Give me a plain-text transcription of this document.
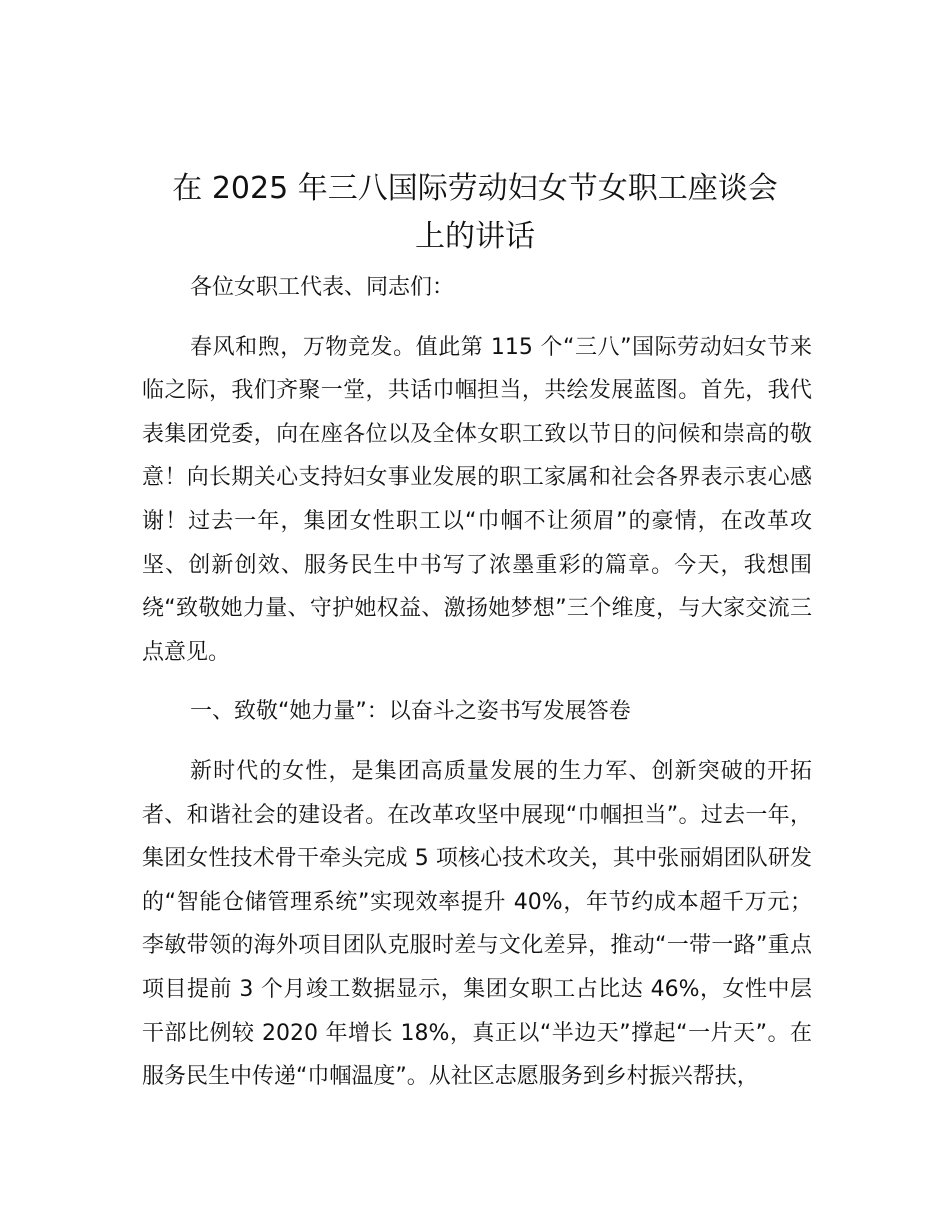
在 2025 年三八国际劳动妇女节女职工座谈会
上的讲话

各位女职工代表、同志们：

春风和煦，万物竞发。值此第 115 个“三八”国际劳动妇女节来临之际，我们齐聚一堂，共话巾帼担当，共绘发展蓝图。首先，我代表集团党委，向在座各位以及全体女职工致以节日的问候和崇高的敬意！向长期关心支持妇女事业发展的职工家属和社会各界表示衷心感谢！过去一年，集团女性职工以“巾帼不让须眉”的豪情，在改革攻坚、创新创效、服务民生中书写了浓墨重彩的篇章。今天，我想围绕“致敬她力量、守护她权益、激扬她梦想”三个维度，与大家交流三点意见。

一、致敬“她力量”：以奋斗之姿书写发展答卷

新时代的女性，是集团高质量发展的生力军、创新突破的开拓者、和谐社会的建设者。在改革攻坚中展现“巾帼担当”。过去一年，集团女性技术骨干牵头完成 5 项核心技术攻关，其中张丽娟团队研发的“智能仓储管理系统”实现效率提升 40%，年节约成本超千万元；李敏带领的海外项目团队克服时差与文化差异，推动“一带一路”重点项目提前 3 个月竣工数据显示，集团女职工占比达 46%，女性中层干部比例较 2020 年增长 18%，真正以“半边天”撑起“一片天”。在服务民生中传递“巾帼温度”。从社区志愿服务到乡村振兴帮扶，
